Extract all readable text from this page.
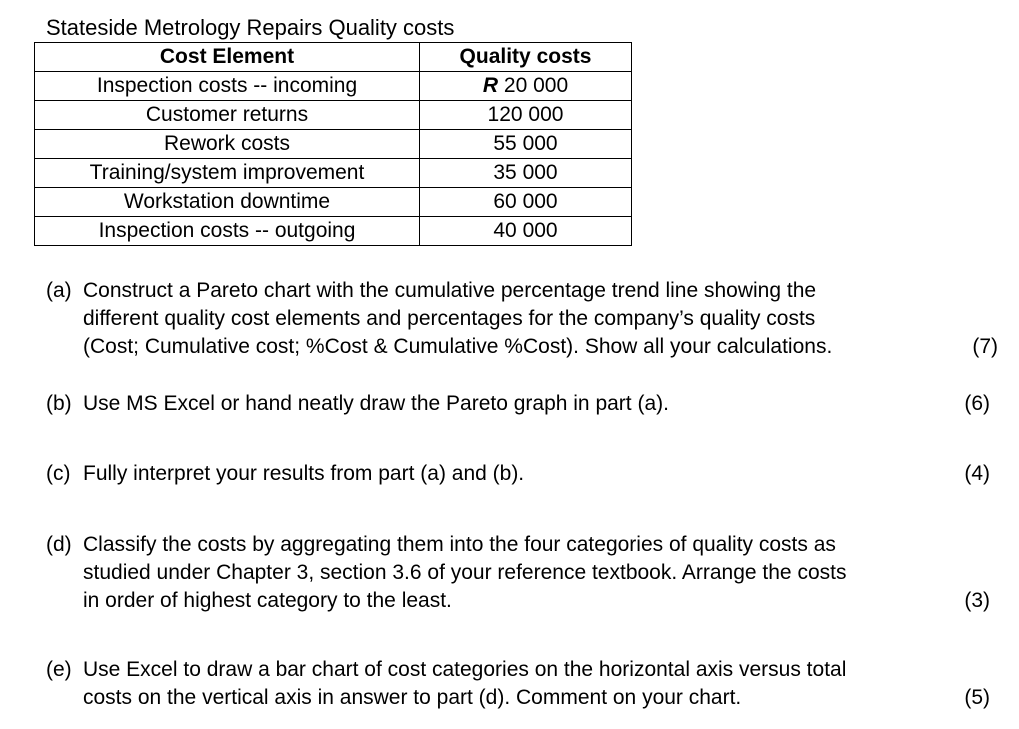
Stateside Metrology Repairs Quality costs
Cost Element	Quality costs
Inspection costs -- incoming	R 20 000
Customer returns	120 000
Rework costs	55 000
Training/system improvement	35 000
Workstation downtime	60 000
Inspection costs -- outgoing	40 000
(a) Construct a Pareto chart with the cumulative percentage trend line showing the
different quality cost elements and percentages for the company’s quality costs
(Cost; Cumulative cost; %Cost & Cumulative %Cost). Show all your calculations.	(7)
(b) Use MS Excel or hand neatly draw the Pareto graph in part (a).	(6)
(c) Fully interpret your results from part (a) and (b).	(4)
(d) Classify the costs by aggregating them into the four categories of quality costs as
studied under Chapter 3, section 3.6 of your reference textbook. Arrange the costs
in order of highest category to the least.	(3)
(e) Use Excel to draw a bar chart of cost categories on the horizontal axis versus total
costs on the vertical axis in answer to part (d). Comment on your chart.	(5)
